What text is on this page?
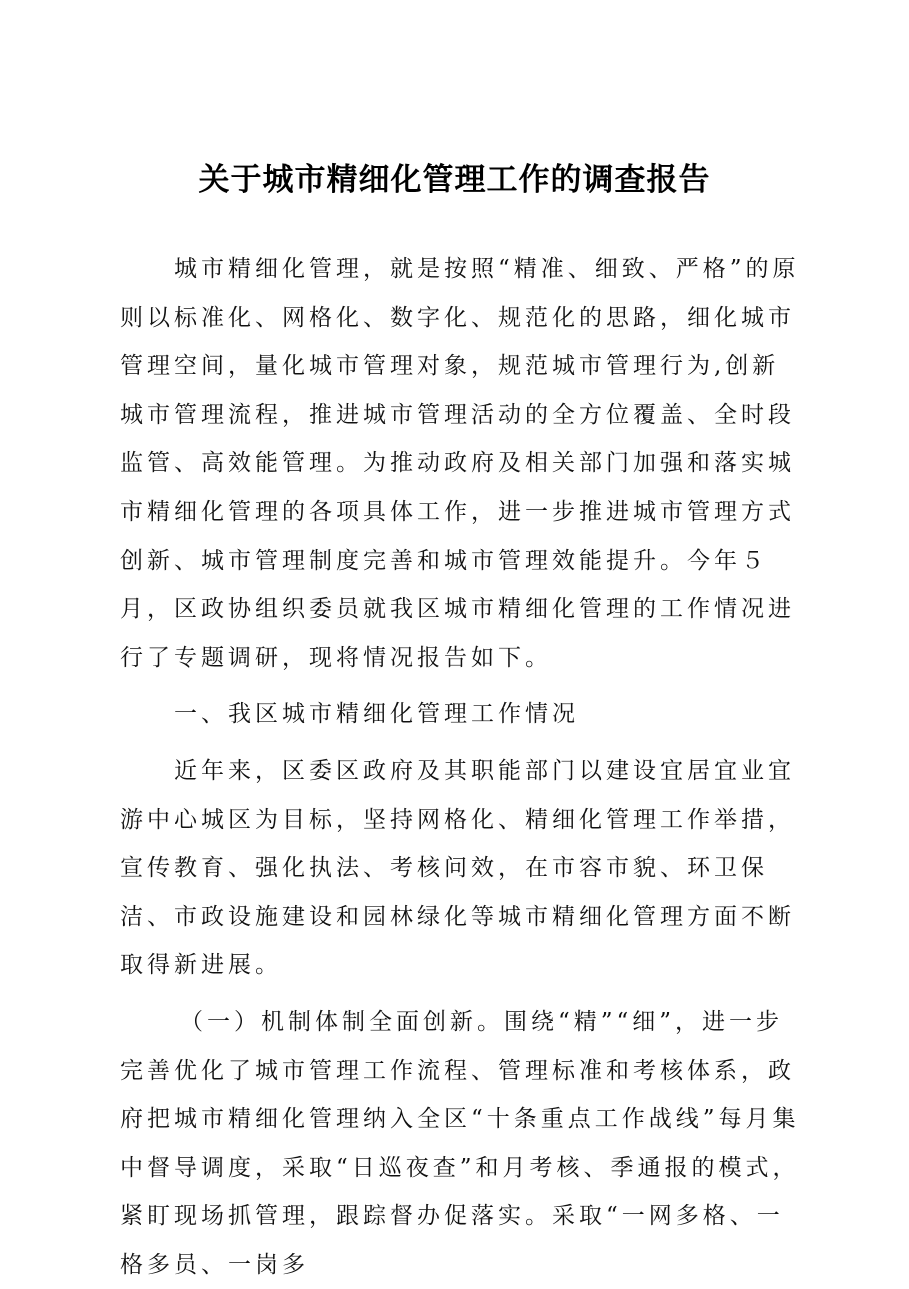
关于城市精细化管理工作的调查报告

城市精细化管理，就是按照“精准、细致、严格”的原则以标准化、网格化、数字化、规范化的思路，细化城市管理空间，量化城市管理对象，规范城市管理行为,创新城市管理流程，推进城市管理活动的全方位覆盖、全时段监管、高效能管理。为推动政府及相关部门加强和落实城市精细化管理的各项具体工作，进一步推进城市管理方式创新、城市管理制度完善和城市管理效能提升。今年５月，区政协组织委员就我区城市精细化管理的工作情况进行了专题调研，现将情况报告如下。

一、我区城市精细化管理工作情况

近年来，区委区政府及其职能部门以建设宜居宜业宜游中心城区为目标，坚持网格化、精细化管理工作举措，宣传教育、强化执法、考核问效，在市容市貌、环卫保洁、市政设施建设和园林绿化等城市精细化管理方面不断取得新进展。

（一）机制体制全面创新。围绕“精”“细”，进一步完善优化了城市管理工作流程、管理标准和考核体系，政府把城市精细化管理纳入全区“十条重点工作战线”每月集中督导调度，采取“日巡夜查”和月考核、季通报的模式，紧盯现场抓管理，跟踪督办促落实。采取“一网多格、一格多员、一岗多
